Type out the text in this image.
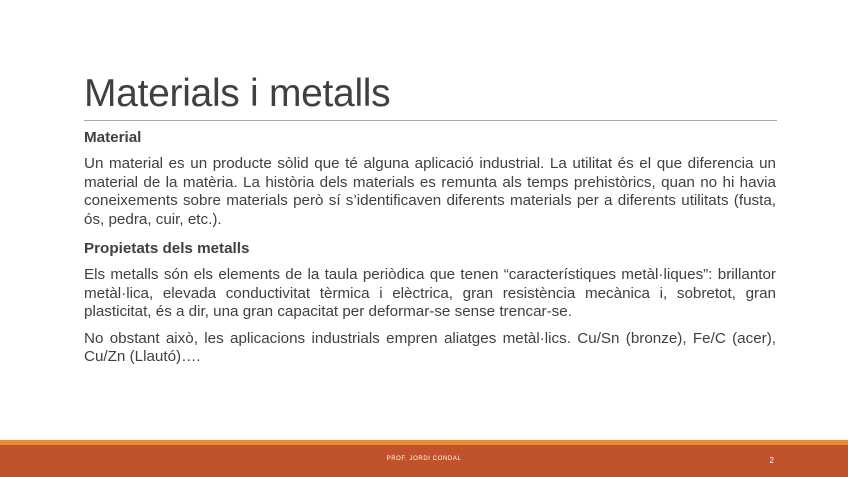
Materials i metalls

Material

Un material es un producte sòlid que té alguna aplicació industrial. La utilitat és el que diferencia un material de la matèria. La història dels materials es remunta als temps prehistòrics, quan no hi havia coneixements sobre materials però sí s’identificaven diferents materials per a diferents utilitats (fusta, ós, pedra, cuir, etc.).

Propietats dels metalls

Els metalls són els elements de la taula periòdica que tenen “característiques metàl·liques”: brillantor metàl·lica, elevada conductivitat tèrmica i elèctrica, gran resistència mecànica i, sobretot, gran plasticitat, és a dir, una gran capacitat per deformar-se sense trencar-se.

No obstant això, les aplicacions industrials empren aliatges metàl·lics. Cu/Sn (bronze), Fe/C (acer), Cu/Zn (Llautó)….

PROF. JORDI CONDAL	2
